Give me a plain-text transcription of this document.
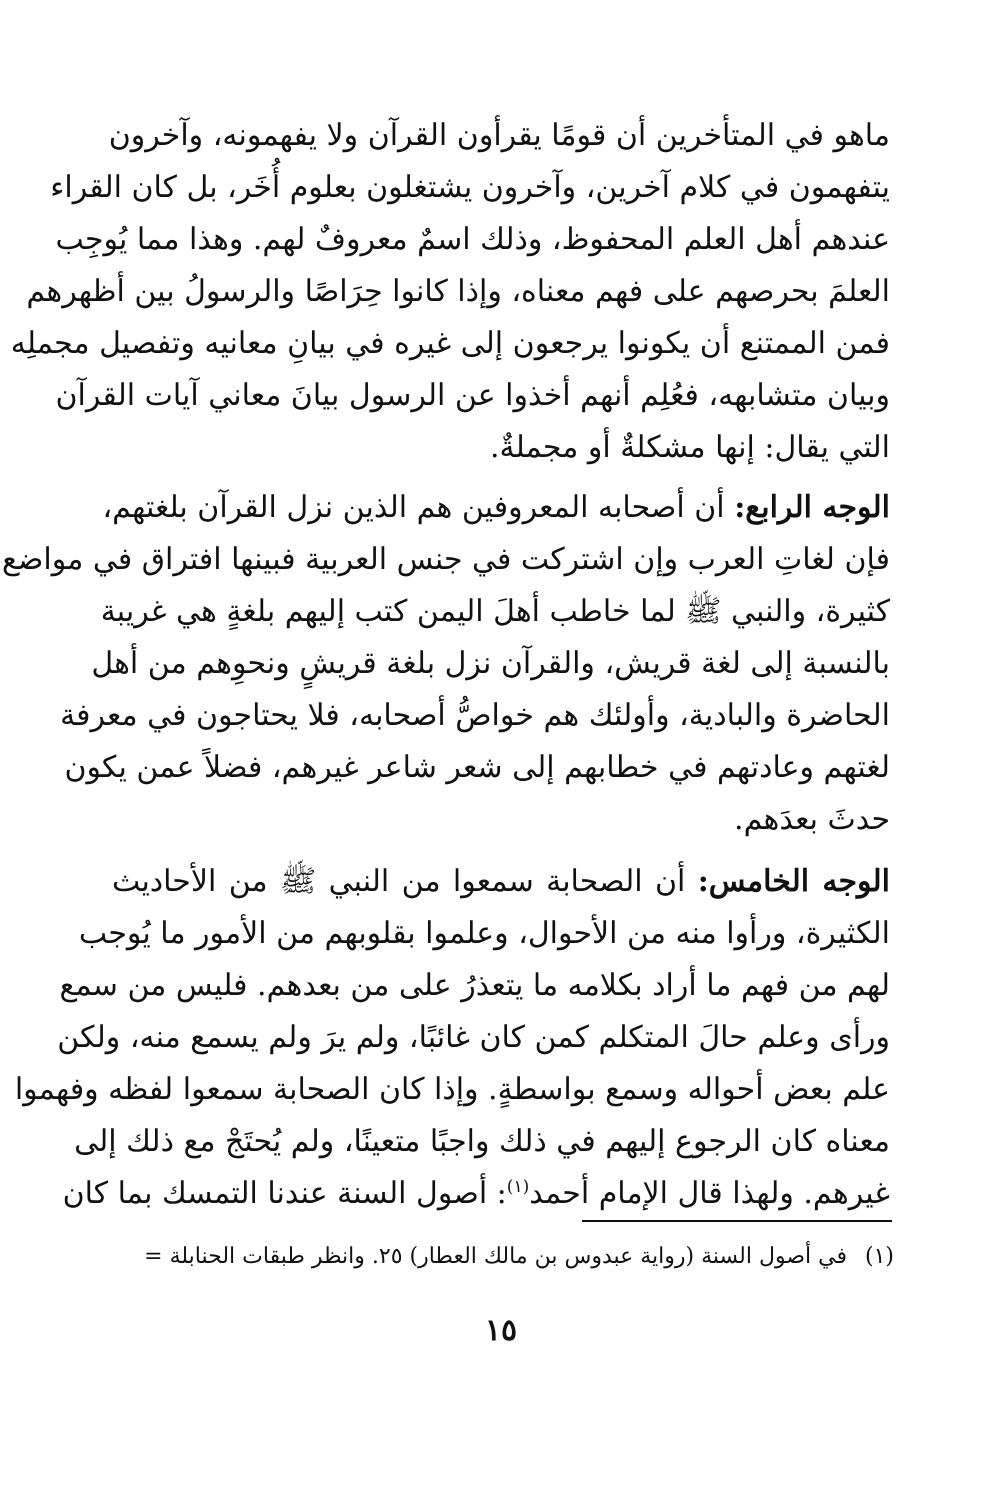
ماهو في المتأخرين أن قومًا يقرأون القرآن ولا يفهمونه، وآخرون
يتفهمون في كلام آخرين، وآخرون يشتغلون بعلوم أُخَر، بل كان القراء
عندهم أهل العلم المحفوظ، وذلك اسمٌ معروفٌ لهم. وهذا مما يُوجِب
العلمَ بحرصهم على فهم معناه، وإذا كانوا حِرَاصًا والرسولُ بين أظهرهم
فمن الممتنع أن يكونوا يرجعون إلى غيره في بيانِ معانيه وتفصيل مجملِه
وبيان متشابهه، فعُلِم أنهم أخذوا عن الرسول بيانَ معاني آيات القرآن
التي يقال: إنها مشكلةٌ أو مجملةٌ.
الوجه الرابع: أن أصحابه المعروفين هم الذين نزل القرآن بلغتهم،
فإن لغاتِ العرب وإن اشتركت في جنس العربية فبينها افتراق في مواضع
كثيرة، والنبي ﷺ لما خاطب أهلَ اليمن كتب إليهم بلغةٍ هي غريبة
بالنسبة إلى لغة قريش، والقرآن نزل بلغة قريشٍ ونحوِهم من أهل
الحاضرة والبادية، وأولئك هم خواصُّ أصحابه، فلا يحتاجون في معرفة
لغتهم وعادتهم في خطابهم إلى شعر شاعر غيرهم، فضلاً عمن يكون
حدثَ بعدَهم.
الوجه الخامس: أن الصحابة سمعوا من النبي ﷺ من الأحاديث
الكثيرة، ورأوا منه من الأحوال، وعلموا بقلوبهم من الأمور ما يُوجب
لهم من فهم ما أراد بكلامه ما يتعذرُ على من بعدهم. فليس من سمع
ورأى وعلم حالَ المتكلم كمن كان غائبًا، ولم يرَ ولم يسمع منه، ولكن
علم بعض أحواله وسمع بواسطةٍ. وإذا كان الصحابة سمعوا لفظه وفهموا
معناه كان الرجوع إليهم في ذلك واجبًا متعينًا، ولم يُحتَجْ مع ذلك إلى
غيرهم. ولهذا قال الإمام أحمد$^{(١)}$: أصول السنة عندنا التمسك بما كان
(١)في أصول السنة (رواية عبدوس بن مالك العطار) ٢٥. وانظر طبقات الحنابلة =
١٥
